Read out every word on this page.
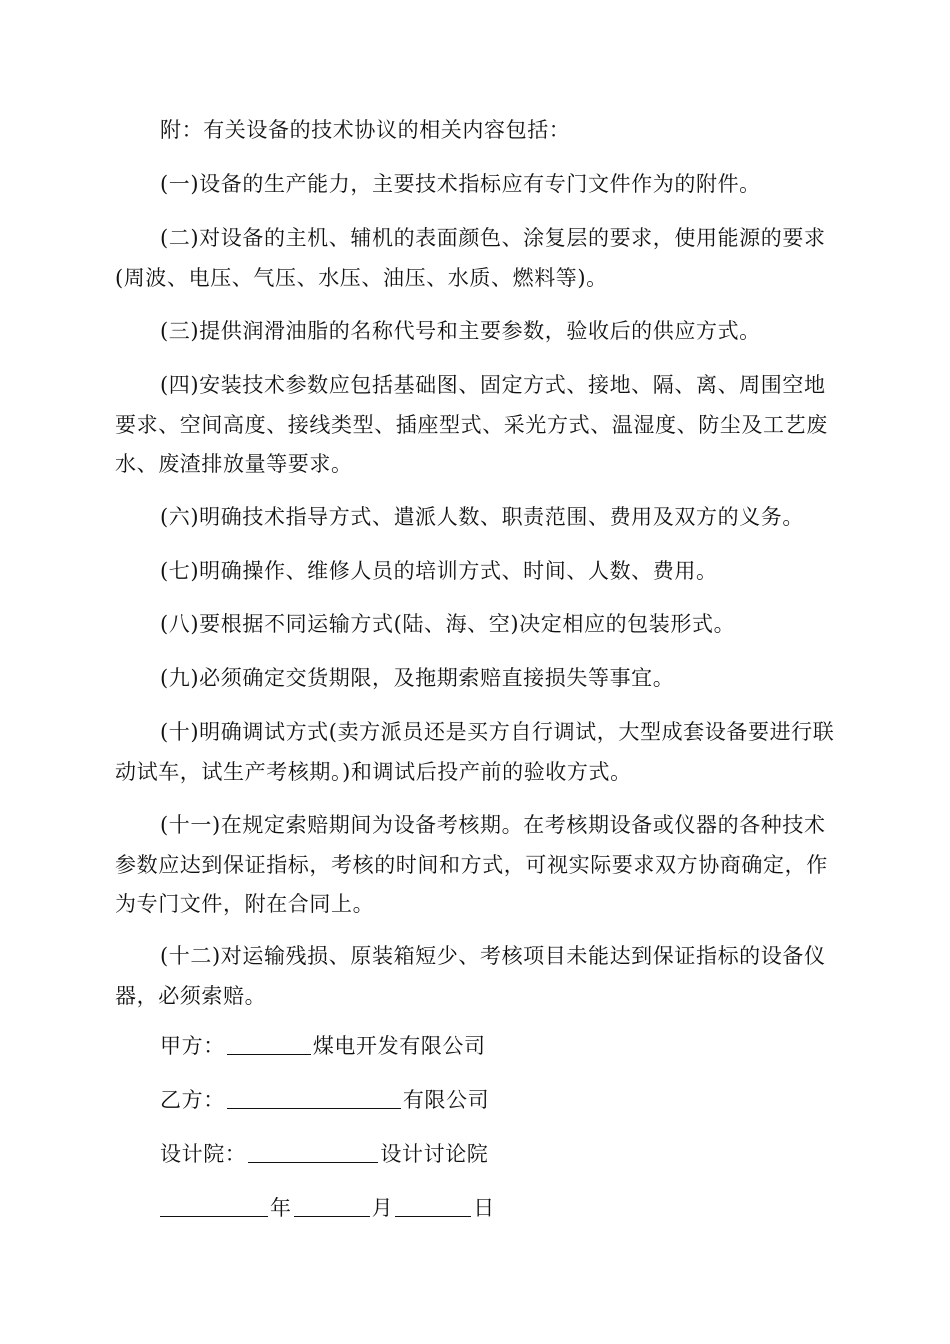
附：有关设备的技术协议的相关内容包括：

(一)设备的生产能力，主要技术指标应有专门文件作为的附件。

(二)对设备的主机、辅机的表面颜色、涂复层的要求，使用能源的要求(周波、电压、气压、水压、油压、水质、燃料等)。

(三)提供润滑油脂的名称代号和主要参数，验收后的供应方式。

(四)安装技术参数应包括基础图、固定方式、接地、隔、离、周围空地要求、空间高度、接线类型、插座型式、采光方式、温湿度、防尘及工艺废水、废渣排放量等要求。

(六)明确技术指导方式、遣派人数、职责范围、费用及双方的义务。

(七)明确操作、维修人员的培训方式、时间、人数、费用。

(八)要根据不同运输方式(陆、海、空)决定相应的包装形式。

(九)必须确定交货期限，及拖期索赔直接损失等事宜。

(十)明确调试方式(卖方派员还是买方自行调试，大型成套设备要进行联动试车，试生产考核期。)和调试后投产前的验收方式。

(十一)在规定索赔期间为设备考核期。在考核期设备或仪器的各种技术参数应达到保证指标，考核的时间和方式，可视实际要求双方协商确定，作为专门文件，附在合同上。

(十二)对运输残损、原装箱短少、考核项目未能达到保证指标的设备仪器，必须索赔。

甲方：	煤电开发有限公司
乙方：	有限公司
设计院：	设计讨论院
年	月	日
